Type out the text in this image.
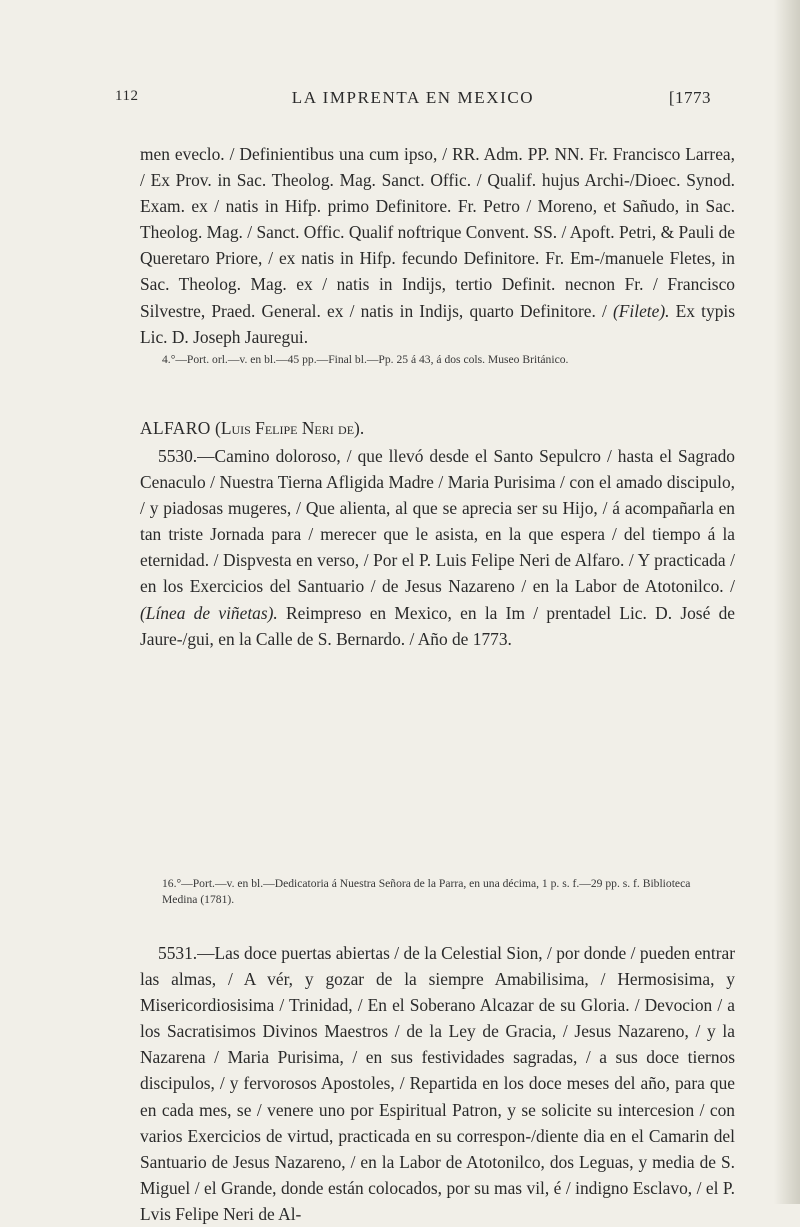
112	LA IMPRENTA EN MEXICO	[1773
men eveclo. / Definientibus una cum ipso, / RR. Adm. PP. NN. Fr. Francisco Larrea, / Ex Prov. in Sac. Theolog. Mag. Sanct. Offic. / Qualif. hujus Archi-/Dioec. Synod. Exam. ex / natis in Hifp. primo Definitore. Fr. Petro / Moreno, et Sañudo, in Sac. Theolog. Mag. / Sanct. Offic. Qualif noftrique Convent. SS. / Apoft. Petri, & Pauli de Queretaro Priore, / ex natis in Hifp. fecundo Definitore. Fr. Em-/manuele Fletes, in Sac. Theolog. Mag. ex / natis in Indijs, tertio Definit. necnon Fr. / Francisco Silvestre, Praed. General. ex / natis in Indijs, quarto Definitore. / (Filete). Ex typis Lic. D. Joseph Jauregui.
4.°—Port. orl.—v. en bl.—45 pp.—Final bl.—Pp. 25 á 43, á dos cols. Museo Británico.
ALFARO (Luis Felipe Neri de).
5530.—Camino doloroso, / que llevó desde el Santo Sepulcro / hasta el Sagrado Cenaculo / Nuestra Tierna Afligida Madre / Maria Purisima / con el amado discipulo, / y piadosas mugeres, / Que alienta, al que se aprecia ser su Hijo, / á acompañarla en tan triste Jornada para / merecer que le asista, en la que espera / del tiempo á la eternidad. / Dispvesta en verso, / Por el P. Luis Felipe Neri de Alfaro. / Y practicada / en los Exercicios del Santuario / de Jesus Nazareno / en la Labor de Atotonilco. / (Línea de viñetas). Reimpreso en Mexico, en la Im / prentadel Lic. D. José de Jaure-/gui, en la Calle de S. Bernardo. / Año de 1773.
16.°—Port.—v. en bl.—Dedicatoria á Nuestra Señora de la Parra, en una décima, 1 p. s. f.—29 pp. s. f. Biblioteca Medina (1781).
5531.—Las doce puertas abiertas / de la Celestial Sion, / por donde / pueden entrar las almas, / A vér, y gozar de la siempre Amabilisima, / Hermosisima, y Misericordiosisima / Trinidad, / En el Soberano Alcazar de su Gloria. / Devocion / a los Sacratisimos Divinos Maestros / de la Ley de Gracia, / Jesus Nazareno, / y la Nazarena / Maria Purisima, / en sus festividades sagradas, / a sus doce tiernos discipulos, / y fervorosos Apostoles, / Repartida en los doce meses del año, para que en cada mes, se / venere uno por Espiritual Patron, y se solicite su intercesion / con varios Exercicios de virtud, practicada en su correspon-/diente dia en el Camarin del Santuario de Jesus Nazareno, / en la Labor de Atotonilco, dos Leguas, y media de S. Miguel / el Grande, donde están colocados, por su mas vil, é / indigno Esclavo, / el P. Lvis Felipe Neri de Al-
